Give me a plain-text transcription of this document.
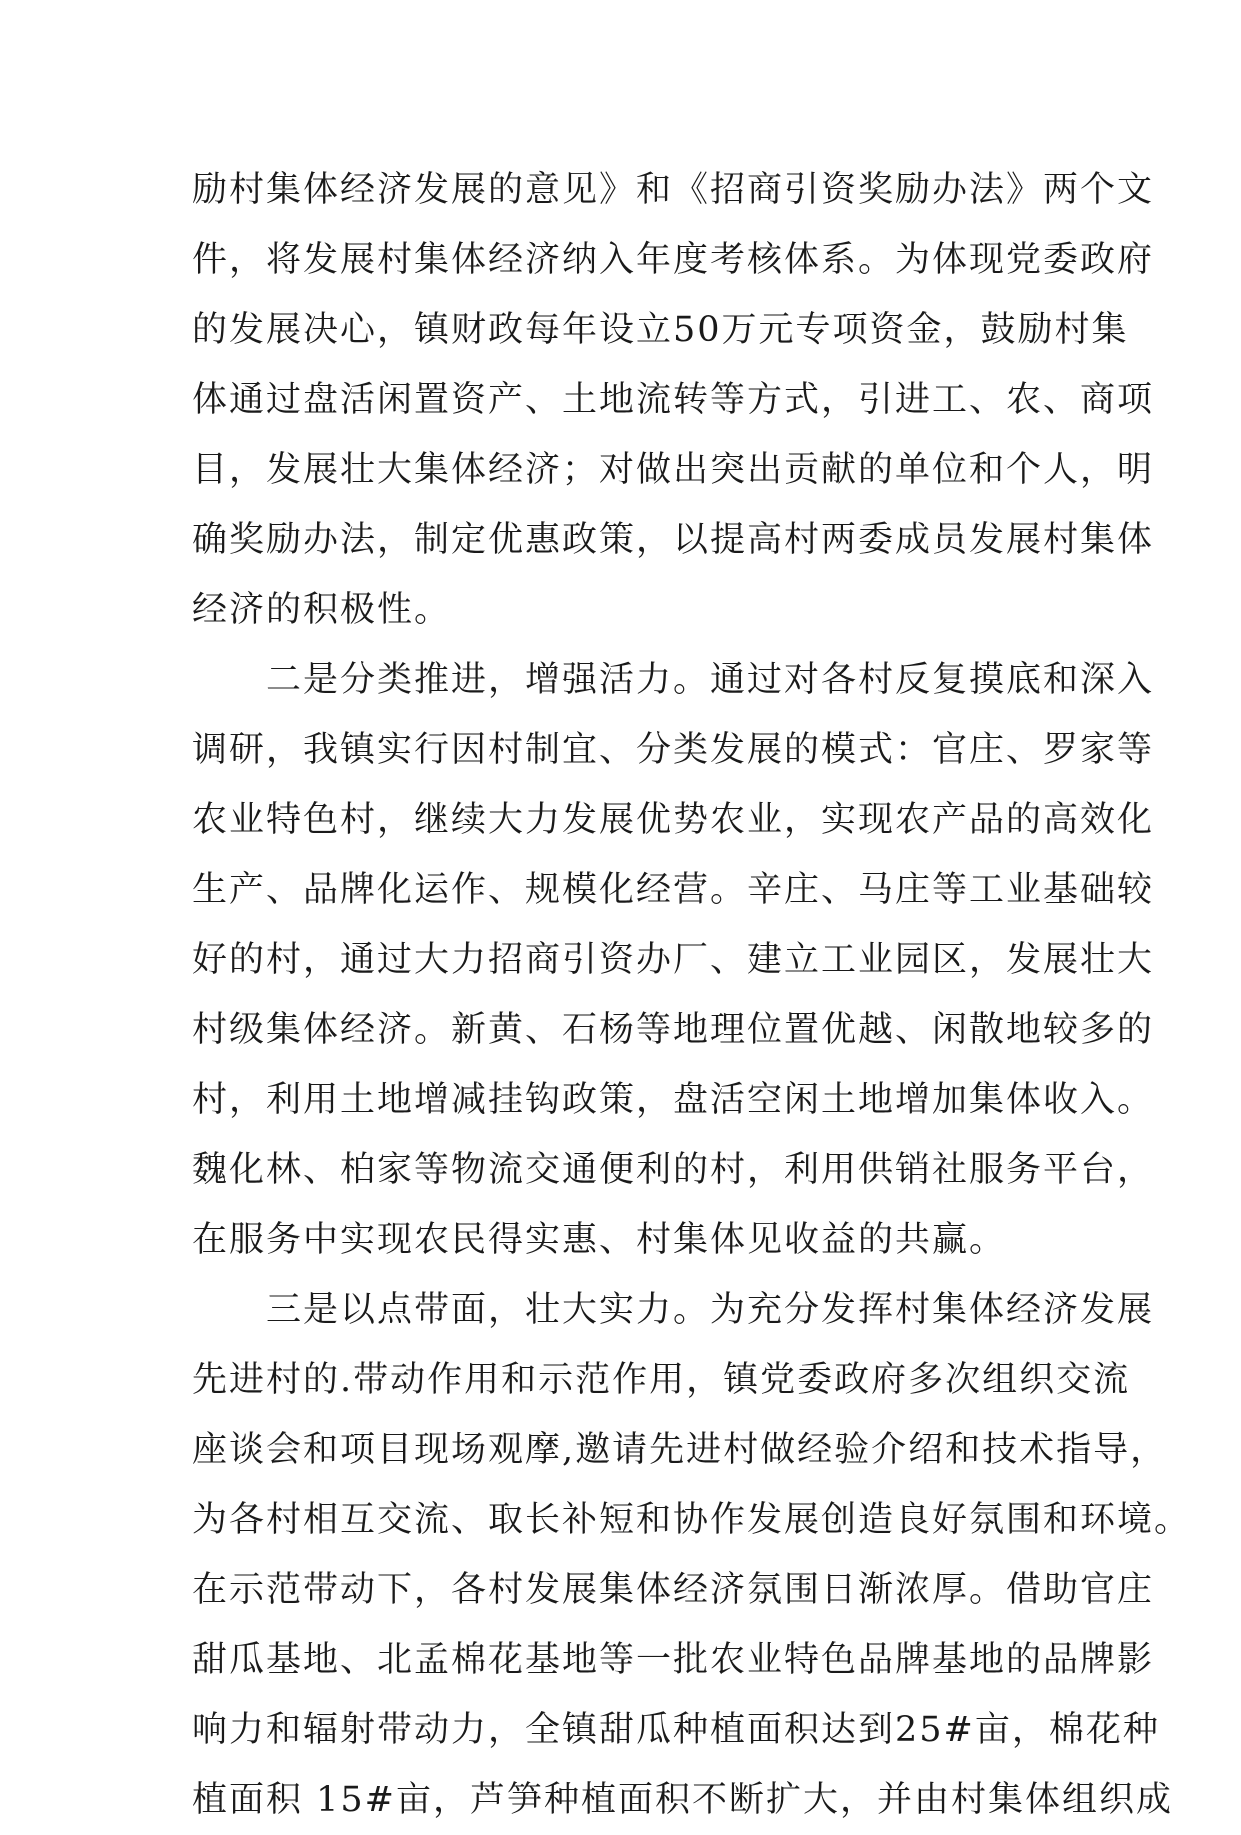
励村集体经济发展的意见》和《招商引资奖励办法》两个文
件，将发展村集体经济纳入年度考核体系。为体现党委政府
的发展决心，镇财政每年设立50万元专项资金，鼓励村集
体通过盘活闲置资产、土地流转等方式，引进工、农、商项
目，发展壮大集体经济；对做出突出贡献的单位和个人，明
确奖励办法，制定优惠政策，以提高村两委成员发展村集体
经济的积极性。
　　二是分类推进，增强活力。通过对各村反复摸底和深入
调研，我镇实行因村制宜、分类发展的模式：官庄、罗家等
农业特色村，继续大力发展优势农业，实现农产品的高效化
生产、品牌化运作、规模化经营。辛庄、马庄等工业基础较
好的村，通过大力招商引资办厂、建立工业园区，发展壮大
村级集体经济。新黄、石杨等地理位置优越、闲散地较多的
村，利用土地增减挂钩政策，盘活空闲土地增加集体收入。
魏化林、柏家等物流交通便利的村，利用供销社服务平台，
在服务中实现农民得实惠、村集体见收益的共赢。
　　三是以点带面，壮大实力。为充分发挥村集体经济发展
先进村的.带动作用和示范作用，镇党委政府多次组织交流
座谈会和项目现场观摩,邀请先进村做经验介绍和技术指导，
为各村相互交流、取长补短和协作发展创造良好氛围和环境。
在示范带动下，各村发展集体经济氛围日渐浓厚。借助官庄
甜瓜基地、北孟棉花基地等一批农业特色品牌基地的品牌影
响力和辐射带动力，全镇甜瓜种植面积达到25#亩，棉花种
植面积 15#亩，芦笋种植面积不断扩大，并由村集体组织成
